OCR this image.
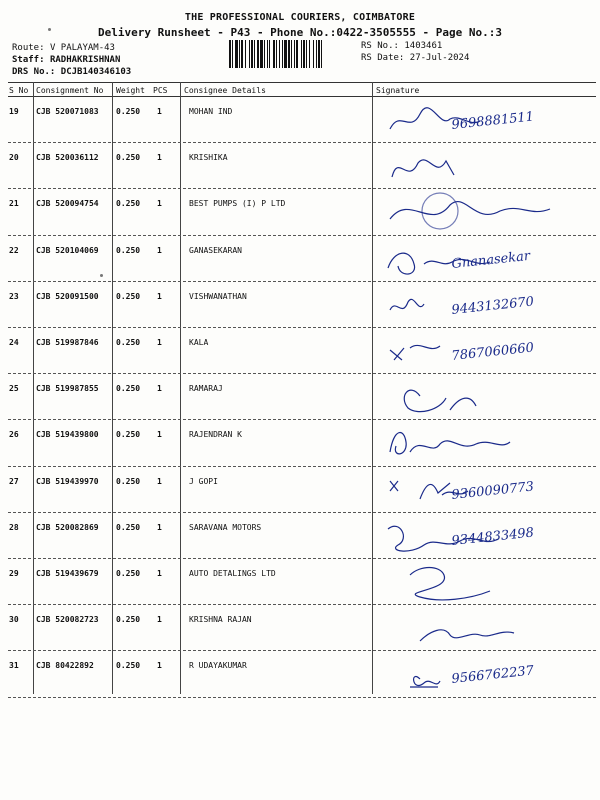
THE PROFESSIONAL COURIERS, COIMBATORE
Delivery Runsheet - P43 - Phone No.:0422-3505555 - Page No.:3
Route: V PALAYAM-43
Staff: RADHAKRISHNAN
DRS No.: DCJB140346103
RS No.: 1403461
RS Date: 27-Jul-2024
S No Consignment No Weight PCS Consignee Details	Signature
19 CJB 520071083 0.250 1	MOHAN IND	9698881511
20 CJB 520036112 0.250 1	KRISHIKA
21 CJB 520094754 0.250 1	BEST PUMPS (I) P LTD
22 CJB 520104069 0.250 1	GANASEKARAN	Gnanasekar
23 CJB 520091500 0.250 1	VISHWANATHAN	9443132670
24 CJB 519987846 0.250 1	KALA	7867060660
25 CJB 519987855 0.250 1	RAMARAJ
26 CJB 519439800 0.250 1	RAJENDRAN K
27 CJB 519439970 0.250 1	J GOPI	9360090773
28 CJB 520082869 0.250 1	SARAVANA MOTORS	9344833498
29 CJB 519439679 0.250 1	AUTO DETALINGS LTD
30 CJB 520082723 0.250 1	KRISHNA RAJAN
31 CJB 80422892	0.250 1	R UDAYAKUMAR	9566762237
